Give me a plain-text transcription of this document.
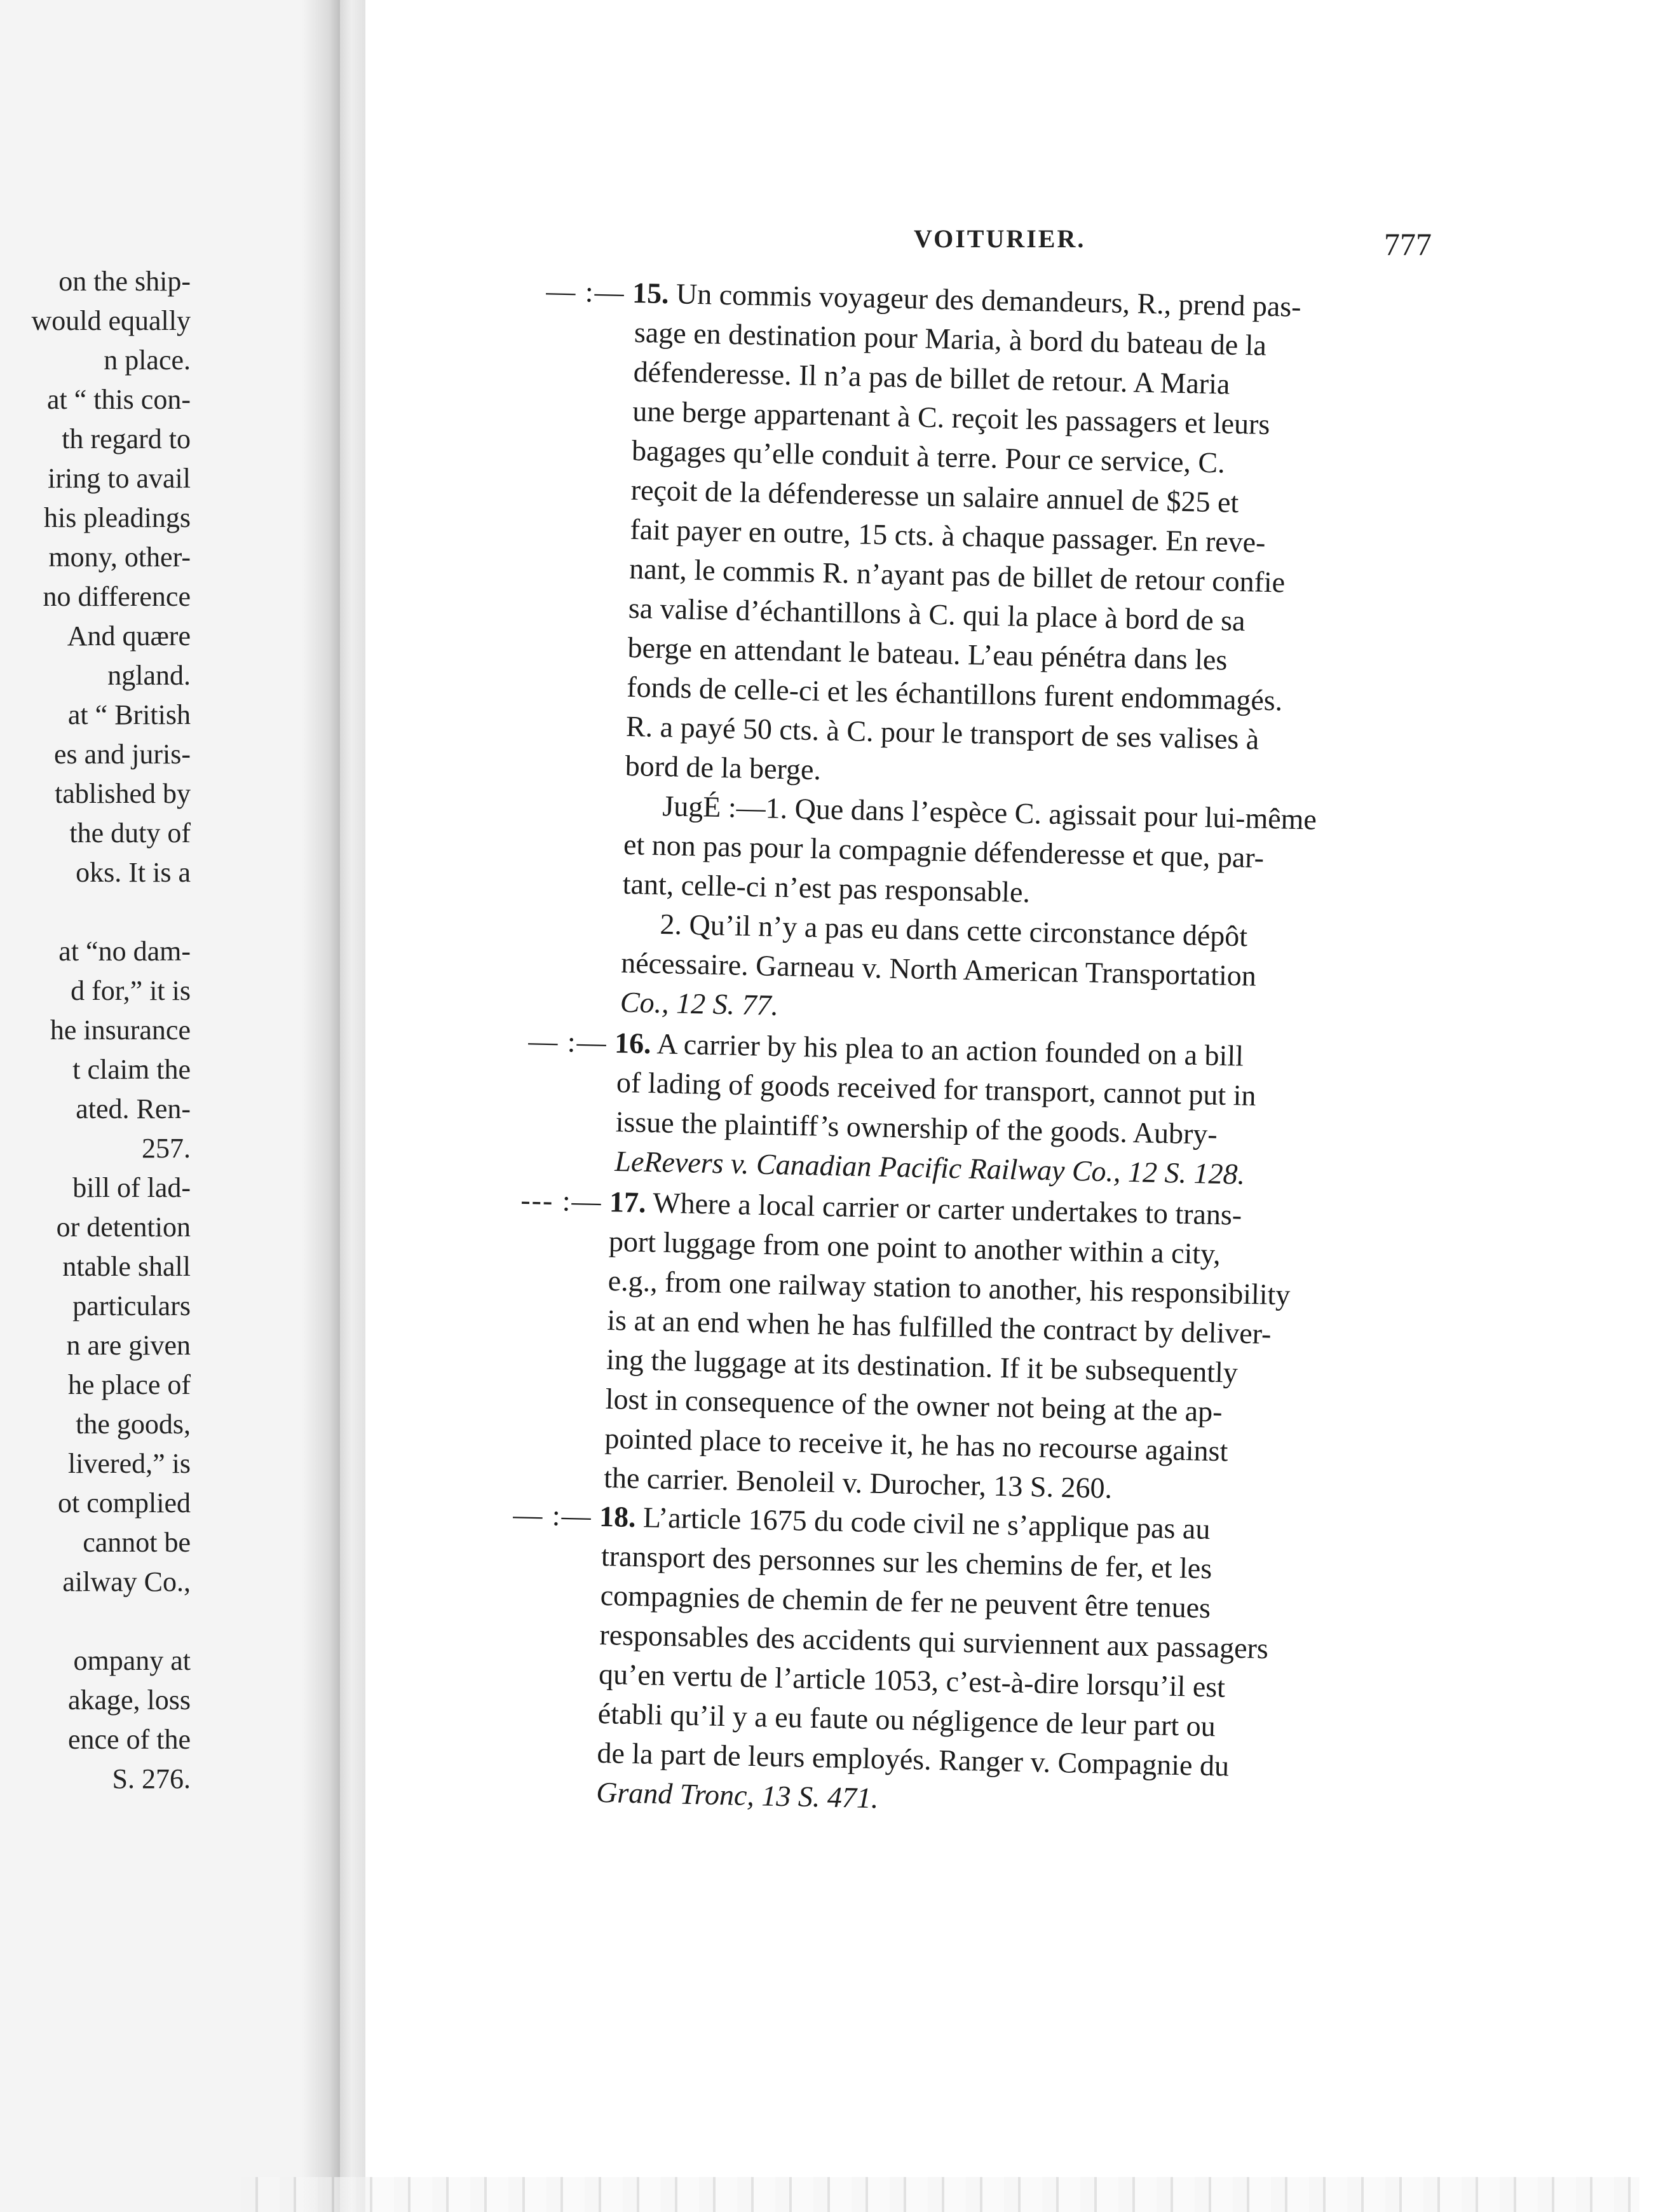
on the ship-
would equally
n place.
at “ this con-
th regard to
iring to avail
his pleadings
mony, other-
no difference
And quære
ngland.
at “ British
es and juris-
tablished by
the duty of
oks. It is a
at “no dam-
d for,” it is
he insurance
t claim the
ated. Ren-
257.
bill of lad-
or detention
ntable shall
particulars
n are given
he place of
the goods,
livered,” is
ot complied
cannot be
ailway Co.,
ompany at
akage, loss
ence of the
S. 276.
VOITURIER.	777
— :— 15. Un commis voyageur des demandeurs, R., prend pas-
sage en destination pour Maria, à bord du bateau de la
défenderesse. Il n’a pas de billet de retour. A Maria
une berge appartenant à C. reçoit les passagers et leurs
bagages qu’elle conduit à terre. Pour ce service, C.
reçoit de la défenderesse un salaire annuel de $25 et
fait payer en outre, 15 cts. à chaque passager. En reve-
nant, le commis R. n’ayant pas de billet de retour confie
sa valise d’échantillons à C. qui la place à bord de sa
berge en attendant le bateau. L’eau pénétra dans les
fonds de celle-ci et les échantillons furent endommagés.
R. a payé 50 cts. à C. pour le transport de ses valises à
bord de la berge.
JugÉ :—1. Que dans l’espèce C. agissait pour lui-même
et non pas pour la compagnie défenderesse et que, par-
tant, celle-ci n’est pas responsable.
2. Qu’il n’y a pas eu dans cette circonstance dépôt
nécessaire. Garneau v. North American Transportation
Co., 12 S. 77.
— :— 16. A carrier by his plea to an action founded on a bill
of lading of goods received for transport, cannot put in
issue the plaintiff’s ownership of the goods. Aubry-
LeRevers v. Canadian Pacific Railway Co., 12 S. 128.
--- :— 17. Where a local carrier or carter undertakes to trans-
port luggage from one point to another within a city,
e.g., from one railway station to another, his responsibility
is at an end when he has fulfilled the contract by deliver-
ing the luggage at its destination. If it be subsequently
lost in consequence of the owner not being at the ap-
pointed place to receive it, he has no recourse against
the carrier. Benoleil v. Durocher, 13 S. 260.
— :— 18. L’article 1675 du code civil ne s’applique pas au
transport des personnes sur les chemins de fer, et les
compagnies de chemin de fer ne peuvent être tenues
responsables des accidents qui surviennent aux passagers
qu’en vertu de l’article 1053, c’est-à-dire lorsqu’il est
établi qu’il y a eu faute ou négligence de leur part ou
de la part de leurs employés. Ranger v. Compagnie du
Grand Tronc, 13 S. 471.
